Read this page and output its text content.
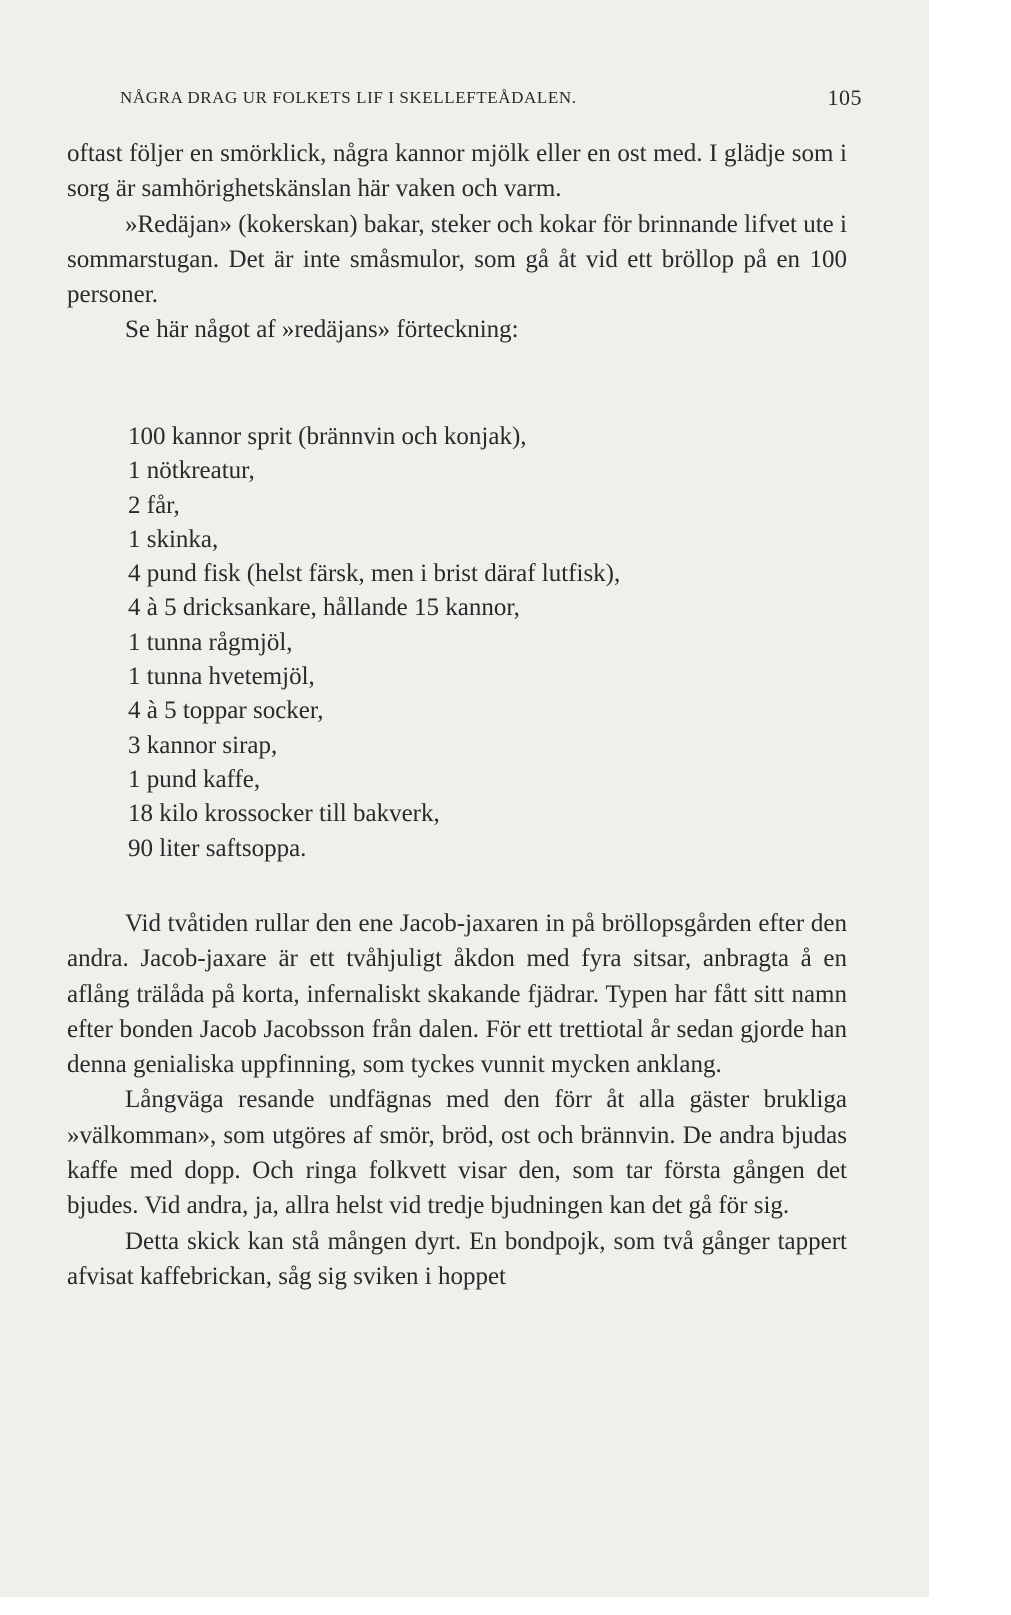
NÅGRA DRAG UR FOLKETS LIF I SKELLEFTEÅDALEN.	105

oftast följer en smörklick, några kannor mjölk eller en ost med. I glädje som i sorg är samhörighetskänslan här vaken och varm.

»Redäjan» (kokerskan) bakar, steker och kokar för brinnande lifvet ute i sommarstugan. Det är inte småsmulor, som gå åt vid ett bröllop på en 100 personer.

Se här något af »redäjans» förteckning:

100 kannor sprit (brännvin och konjak),
1 nötkreatur,
2 får,
1 skinka,
4 pund fisk (helst färsk, men i brist däraf lutfisk),
4 à 5 dricksankare, hållande 15 kannor,
1 tunna rågmjöl,
1 tunna hvetemjöl,
4 à 5 toppar socker,
3 kannor sirap,
1 pund kaffe,
18 kilo krossocker till bakverk,
90 liter saftsoppa.

Vid tvåtiden rullar den ene Jacob-jaxaren in på bröllopsgården efter den andra. Jacob-jaxare är ett tvåhjuligt åkdon med fyra sitsar, anbragta å en aflång trälåda på korta, infernaliskt skakande fjädrar. Typen har fått sitt namn efter bonden Jacob Jacobsson från dalen. För ett trettiotal år sedan gjorde han denna genialiska uppfinning, som tyckes vunnit mycken anklang.

Långväga resande undfägnas med den förr åt alla gäster brukliga »välkomman», som utgöres af smör, bröd, ost och brännvin. De andra bjudas kaffe med dopp. Och ringa folkvett visar den, som tar första gången det bjudes. Vid andra, ja, allra helst vid tredje bjudningen kan det gå för sig.

Detta skick kan stå mången dyrt. En bondpojk, som två gånger tappert afvisat kaffebrickan, såg sig sviken i hoppet
